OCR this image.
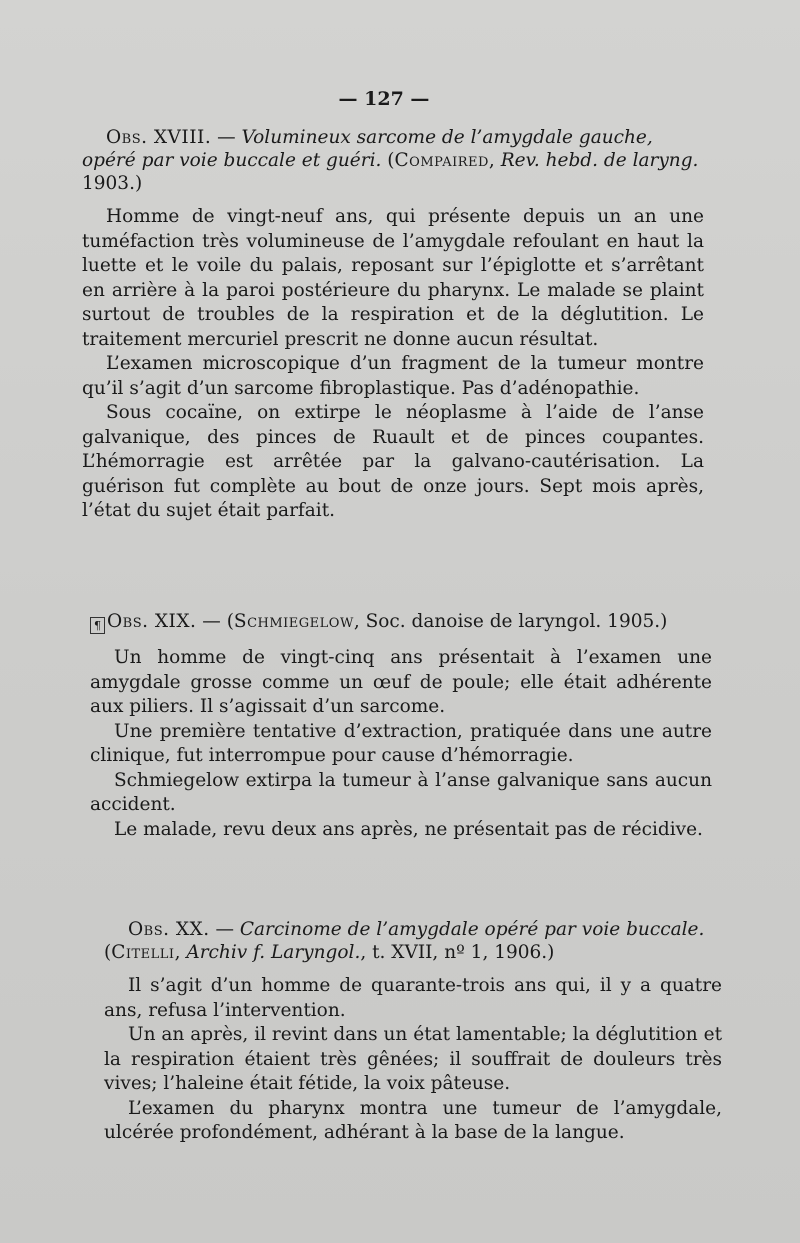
— 127 —
Obs. XVIII. — Volumineux sarcome de l’amygdale gauche, opéré par voie buccale et guéri. (Compaired, Rev. hebd. de laryng. 1903.)

Homme de vingt-neuf ans, qui présente depuis un an une tuméfaction très volumineuse de l’amygdale refoulant en haut la luette et le voile du palais, reposant sur l’épiglotte et s’arrêtant en arrière à la paroi postérieure du pharynx. Le malade se plaint surtout de troubles de la respiration et de la déglutition. Le traitement mercuriel prescrit ne donne aucun résultat.

L’examen microscopique d’un fragment de la tumeur montre qu’il s’agit d’un sarcome fibroplastique. Pas d’adénopathie.

Sous cocaïne, on extirpe le néoplasme à l’aide de l’anse galvanique, des pinces de Ruault et de pinces coupantes. L’hémorragie est arrêtée par la galvano-cautérisation. La guérison fut complète au bout de onze jours. Sept mois après, l’état du sujet était parfait.

¶ Obs. XIX. — (Schmiegelow, Soc. danoise de laryngol. 1905.)

Un homme de vingt-cinq ans présentait à l’examen une amygdale grosse comme un œuf de poule; elle était adhérente aux piliers. Il s’agissait d’un sarcome.

Une première tentative d’extraction, pratiquée dans une autre clinique, fut interrompue pour cause d’hémorragie.

Schmiegelow extirpa la tumeur à l’anse galvanique sans aucun accident.

Le malade, revu deux ans après, ne présentait pas de récidive.

Obs. XX. — Carcinome de l’amygdale opéré par voie buccale. (Citelli, Archiv f. Laryngol., t. XVII, nº 1, 1906.)

Il s’agit d’un homme de quarante-trois ans qui, il y a quatre ans, refusa l’intervention.

Un an après, il revint dans un état lamentable; la déglutition et la respiration étaient très gênées; il souffrait de douleurs très vives; l’haleine était fétide, la voix pâteuse.

L’examen du pharynx montra une tumeur de l’amygdale, ulcérée profondément, adhérant à la base de la langue.
